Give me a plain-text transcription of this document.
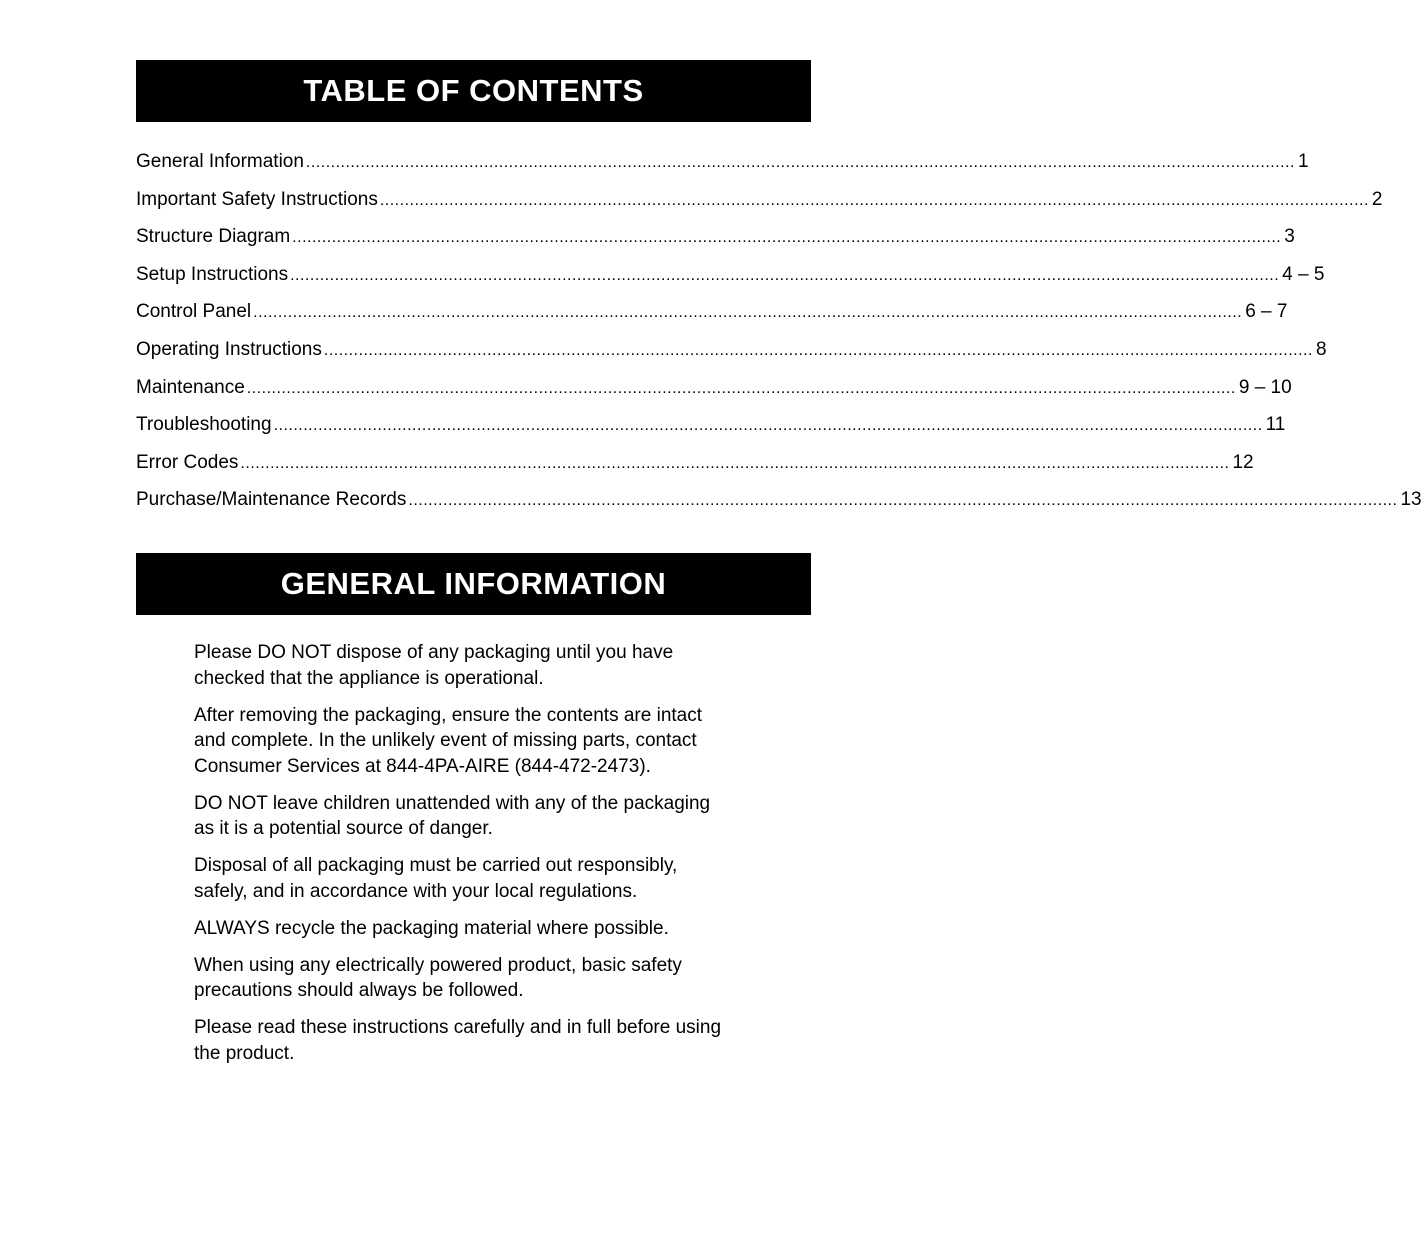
TABLE OF CONTENTS
General Information ........................................................................................................................................................................................................ 1
Important Safety Instructions ........................................................................................................................................................................................................ 2
Structure Diagram ........................................................................................................................................................................................................ 3
Setup Instructions ........................................................................................................................................................................................................ 4 – 5
Control Panel ........................................................................................................................................................................................................ 6 – 7
Operating Instructions ........................................................................................................................................................................................................ 8
Maintenance ........................................................................................................................................................................................................ 9 – 10
Troubleshooting ........................................................................................................................................................................................................ 11
Error Codes ........................................................................................................................................................................................................ 12
Purchase/Maintenance Records ........................................................................................................................................................................................................ 13
GENERAL INFORMATION

Please DO NOT dispose of any packaging until you have
checked that the appliance is operational.

After removing the packaging, ensure the contents are intact
and complete. In the unlikely event of missing parts, contact
Consumer Services at 844-4PA-AIRE (844-472-2473).

DO NOT leave children unattended with any of the packaging
as it is a potential source of danger.

Disposal of all packaging must be carried out responsibly,
safely, and in accordance with your local regulations.

ALWAYS recycle the packaging material where possible.

When using any electrically powered product, basic safety
precautions should always be followed.

Please read these instructions carefully and in full before using
the product.
